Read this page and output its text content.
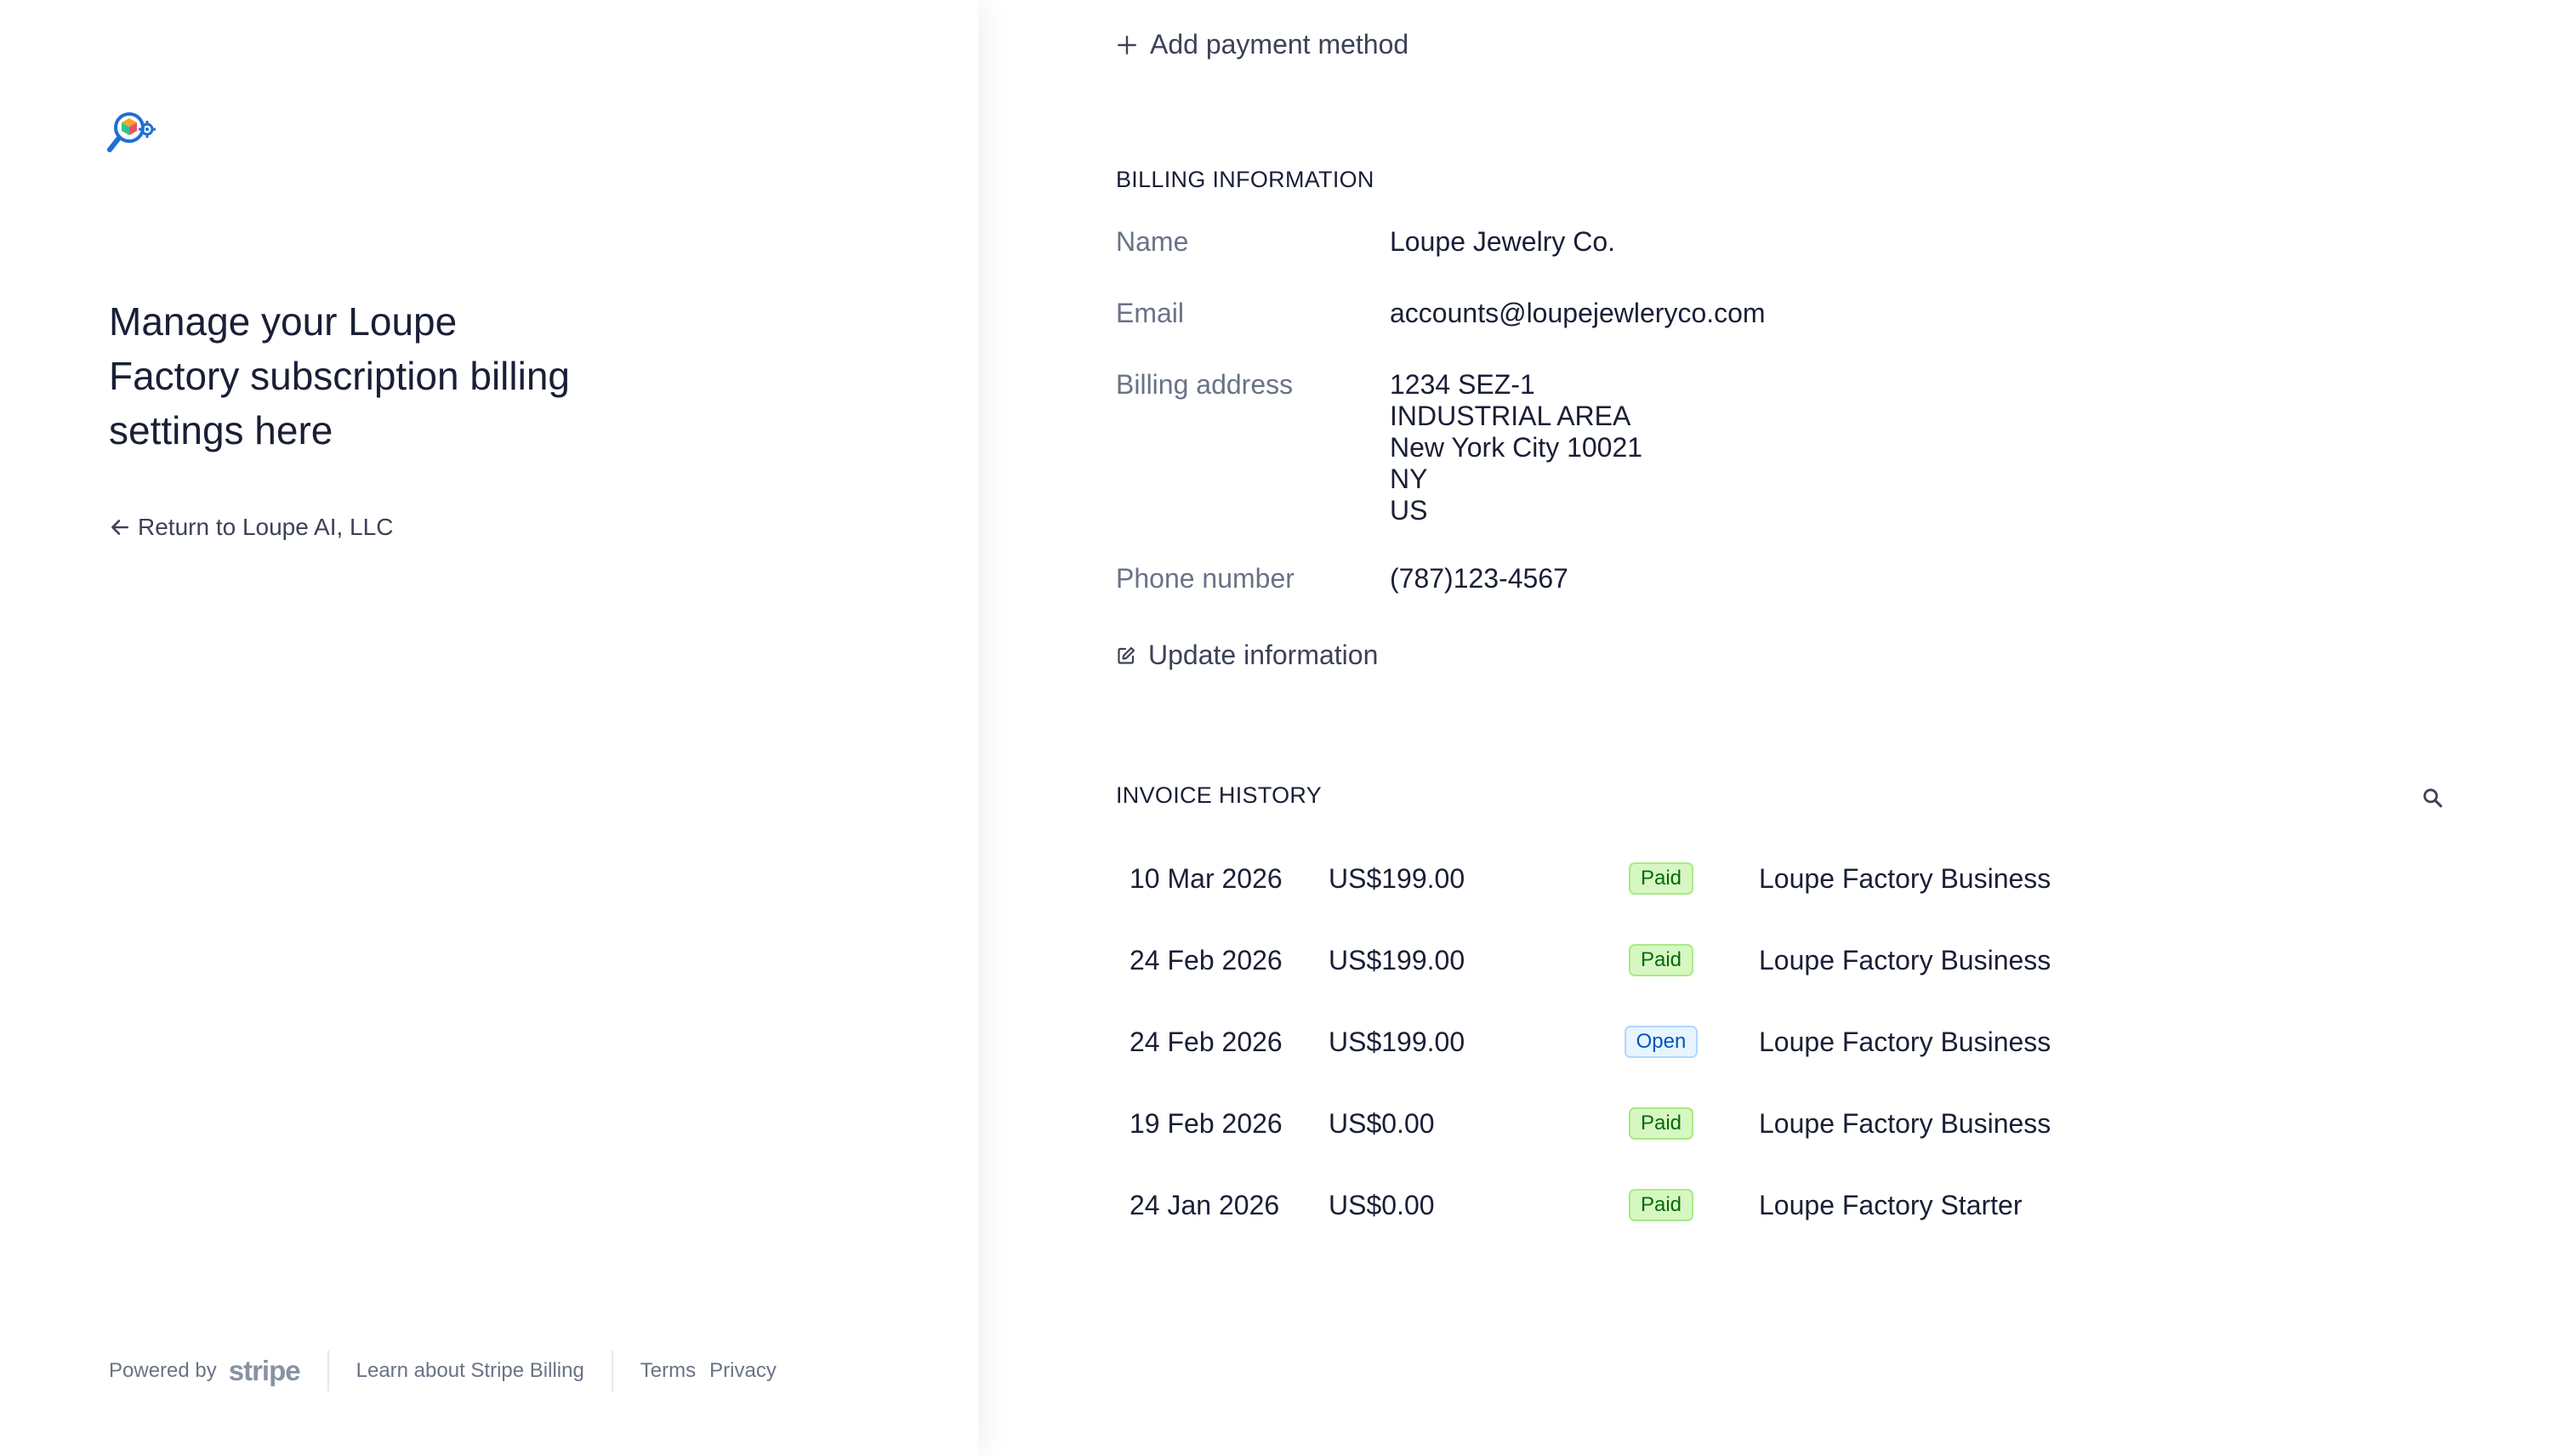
Manage your Loupe
Factory subscription billing
settings here
Return to Loupe AI, LLC
Powered by stripe	Learn about Stripe Billing	Terms Privacy
Add payment method
BILLING INFORMATION
Name	Loupe Jewelry Co.
Email	accounts@loupejewleryco.com
Billing address	1234 SEZ-1
INDUSTRIAL AREA
New York City 10021
NY
US
Phone number	(787)123-4567
Update information
INVOICE HISTORY
10 Mar 2026	US$199.00	Paid	Loupe Factory Business
24 Feb 2026	US$199.00	Paid	Loupe Factory Business
24 Feb 2026	US$199.00	Open	Loupe Factory Business
19 Feb 2026	US$0.00	Paid	Loupe Factory Business
24 Jan 2026	US$0.00	Paid	Loupe Factory Starter
